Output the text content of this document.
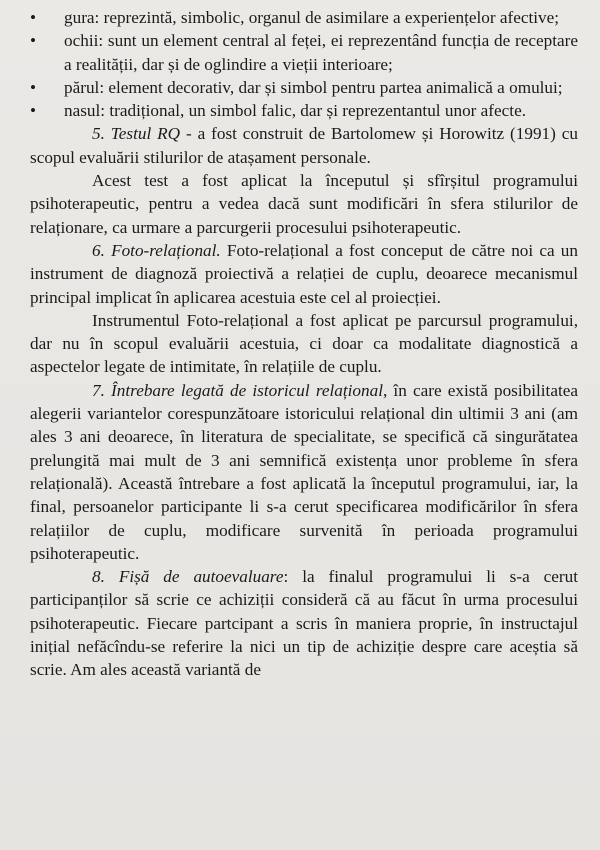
• gura: reprezintă, simbolic, organul de asimilare a experiențelor afective;
• ochii: sunt un element central al feței, ei reprezentând funcția de receptare a realității, dar și de oglindire a vieții interioare;
• părul: element decorativ, dar și simbol pentru partea animalică a omului;
• nasul: tradițional, un simbol falic, dar și reprezentantul unor afecte.

5. Testul RQ - a fost construit de Bartolomew și Horowitz (1991) cu scopul evaluării stilurilor de atașament personale.

Acest test a fost aplicat la începutul și sfîrșitul programului psihoterapeutic, pentru a vedea dacă sunt modificări în sfera stilurilor de relaționare, ca urmare a parcurgerii procesului psihoterapeutic.

6. Foto-relațional. Foto-relațional a fost conceput de către noi ca un instrument de diagnoză proiectivă a relației de cuplu, deoarece mecanismul principal implicat în aplicarea acestuia este cel al proiecției.

Instrumentul Foto-relațional a fost aplicat pe parcursul programului, dar nu în scopul evaluării acestuia, ci doar ca modalitate diagnostică a aspectelor legate de intimitate, în relațiile de cuplu.

7. Întrebare legată de istoricul relațional, în care există posibilitatea alegerii variantelor corespunzătoare istoricului relațional din ultimii 3 ani (am ales 3 ani deoarece, în literatura de specialitate, se specifică că singurătatea prelungită mai mult de 3 ani semnifică existența unor probleme în sfera relațională). Această întrebare a fost aplicată la începutul programului, iar, la final, persoanelor participante li s-a cerut specificarea modificărilor în sfera relațiilor de cuplu, modificare survenită în perioada programului psihoterapeutic.

8. Fișă de autoevaluare: la finalul programului li s-a cerut participanților să scrie ce achiziții consideră că au făcut în urma procesului psihoterapeutic. Fiecare partcipant a scris în maniera proprie, în instructajul inițial nefăcîndu-se referire la nici un tip de achiziție despre care aceștia să scrie. Am ales această variantă de
